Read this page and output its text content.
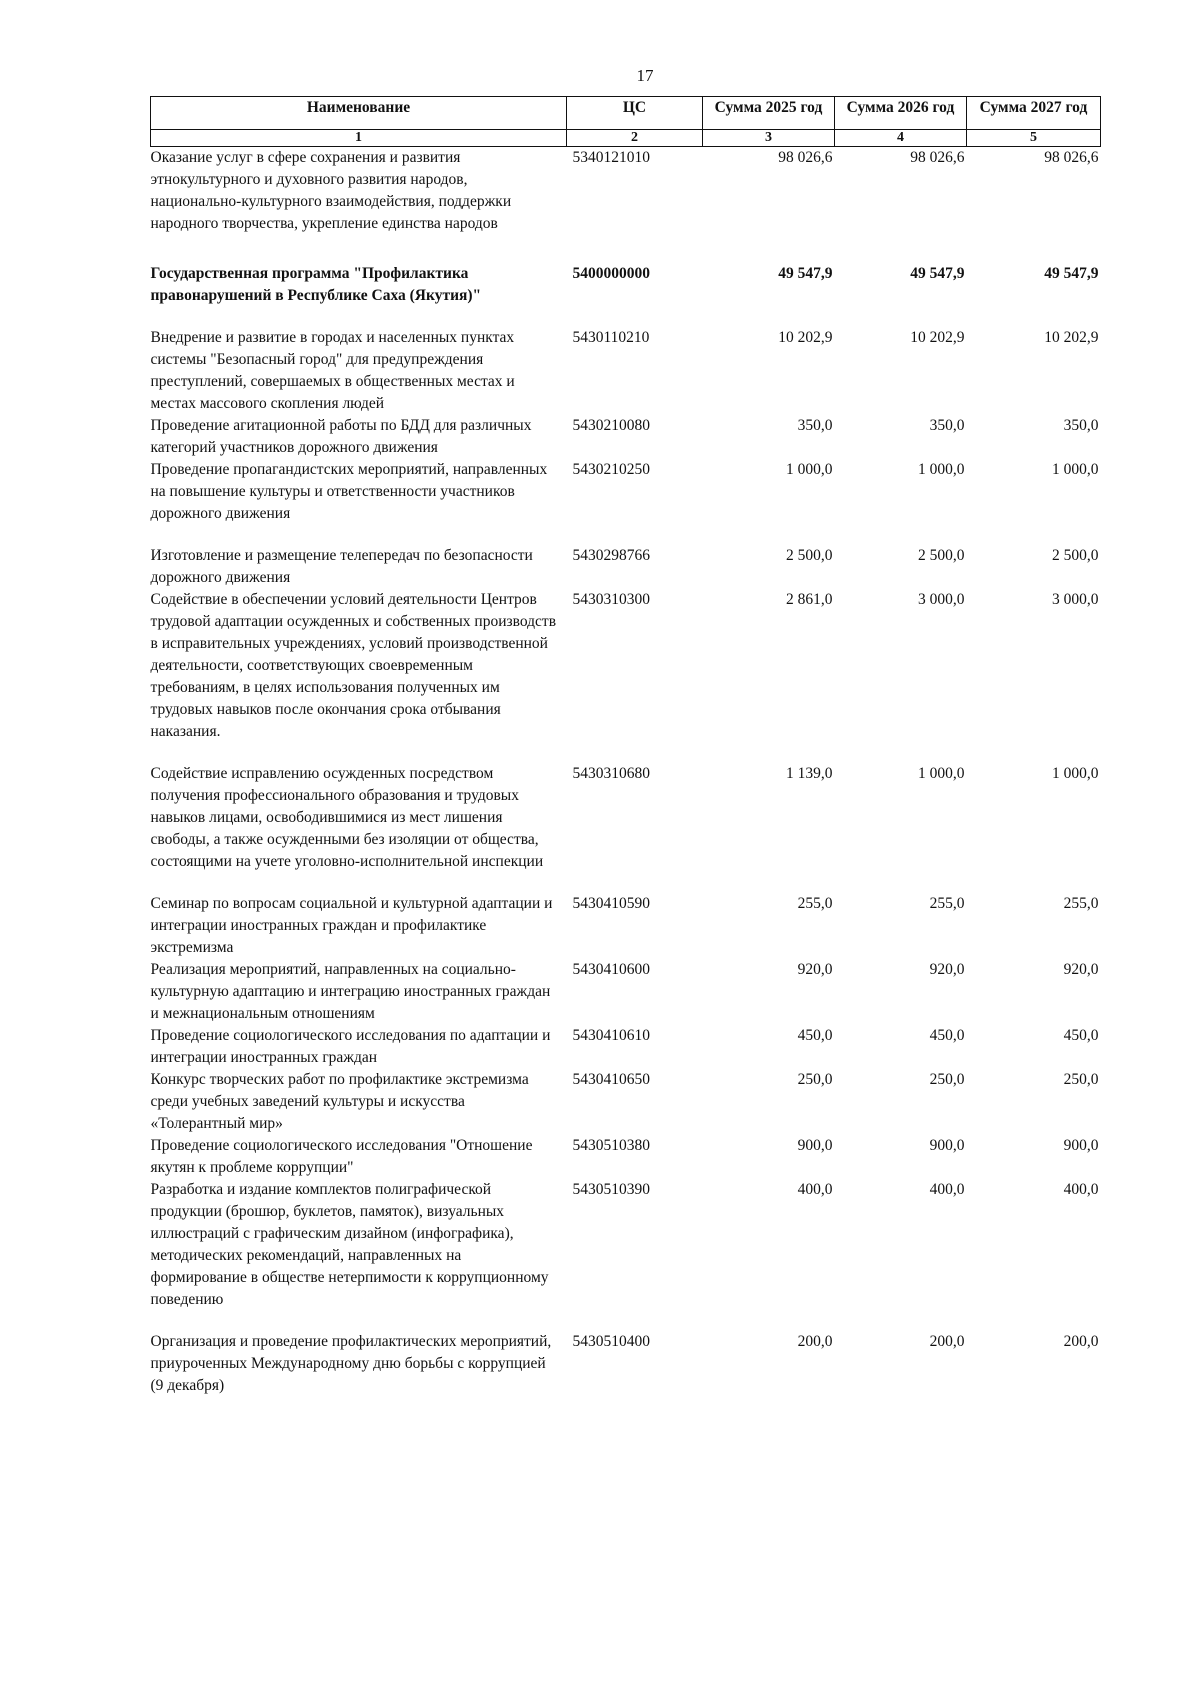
17
Наименование	ЦС	Сумма 2025 год	Сумма 2026 год	Сумма 2027 год
1	2	3	4	5
Оказание услуг в сфере сохранения и развития этнокультурного и духовного развития народов, национально-культурного взаимодействия, поддержки народного творчества, укрепление единства народов	5340121010	98 026,6	98 026,6	98 026,6
Государственная программа "Профилактика правонарушений в Республике Саха (Якутия)"	5400000000	49 547,9	49 547,9	49 547,9
Внедрение и развитие в городах и населенных пунктах системы "Безопасный город" для предупреждения преступлений, совершаемых в общественных местах и местах массового скопления людей	5430110210	10 202,9	10 202,9	10 202,9
Проведение агитационной работы по БДД для различных категорий участников дорожного движения	5430210080	350,0	350,0	350,0
Проведение пропагандистских мероприятий, направленных на повышение культуры и ответственности участников дорожного движения	5430210250	1 000,0	1 000,0	1 000,0
Изготовление и размещение телепередач по безопасности дорожного движения	5430298766	2 500,0	2 500,0	2 500,0
Содействие в обеспечении условий деятельности Центров трудовой адаптации осужденных и собственных производств в исправительных учреждениях, условий производственной деятельности, соответствующих своевременным требованиям, в целях использования полученных им трудовых навыков после окончания срока отбывания наказания.	5430310300	2 861,0	3 000,0	3 000,0
Содействие исправлению осужденных посредством получения профессионального образования и трудовых навыков лицами, освободившимися из мест лишения свободы, а также осужденными без изоляции от общества, состоящими на учете уголовно-исполнительной инспекции	5430310680	1 139,0	1 000,0	1 000,0
Семинар по вопросам социальной и культурной адаптации и интеграции иностранных граждан и профилактике экстремизма	5430410590	255,0	255,0	255,0
Реализация мероприятий, направленных на социально-культурную адаптацию и интеграцию иностранных граждан и межнациональным отношениям	5430410600	920,0	920,0	920,0
Проведение социологического исследования по адаптации и интеграции иностранных граждан	5430410610	450,0	450,0	450,0
Конкурс творческих работ по профилактике экстремизма среди учебных заведений культуры и искусства «Толерантный мир»	5430410650	250,0	250,0	250,0
Проведение социологического исследования "Отношение якутян к проблеме коррупции"	5430510380	900,0	900,0	900,0
Разработка и издание комплектов полиграфической продукции (брошюр, буклетов, памяток), визуальных иллюстраций с графическим дизайном (инфографика), методических рекомендаций, направленных на формирование в обществе нетерпимости к коррупционному поведению	5430510390	400,0	400,0	400,0
Организация и проведение профилактических мероприятий, приуроченных Международному дню борьбы с коррупцией (9 декабря)	5430510400	200,0	200,0	200,0
